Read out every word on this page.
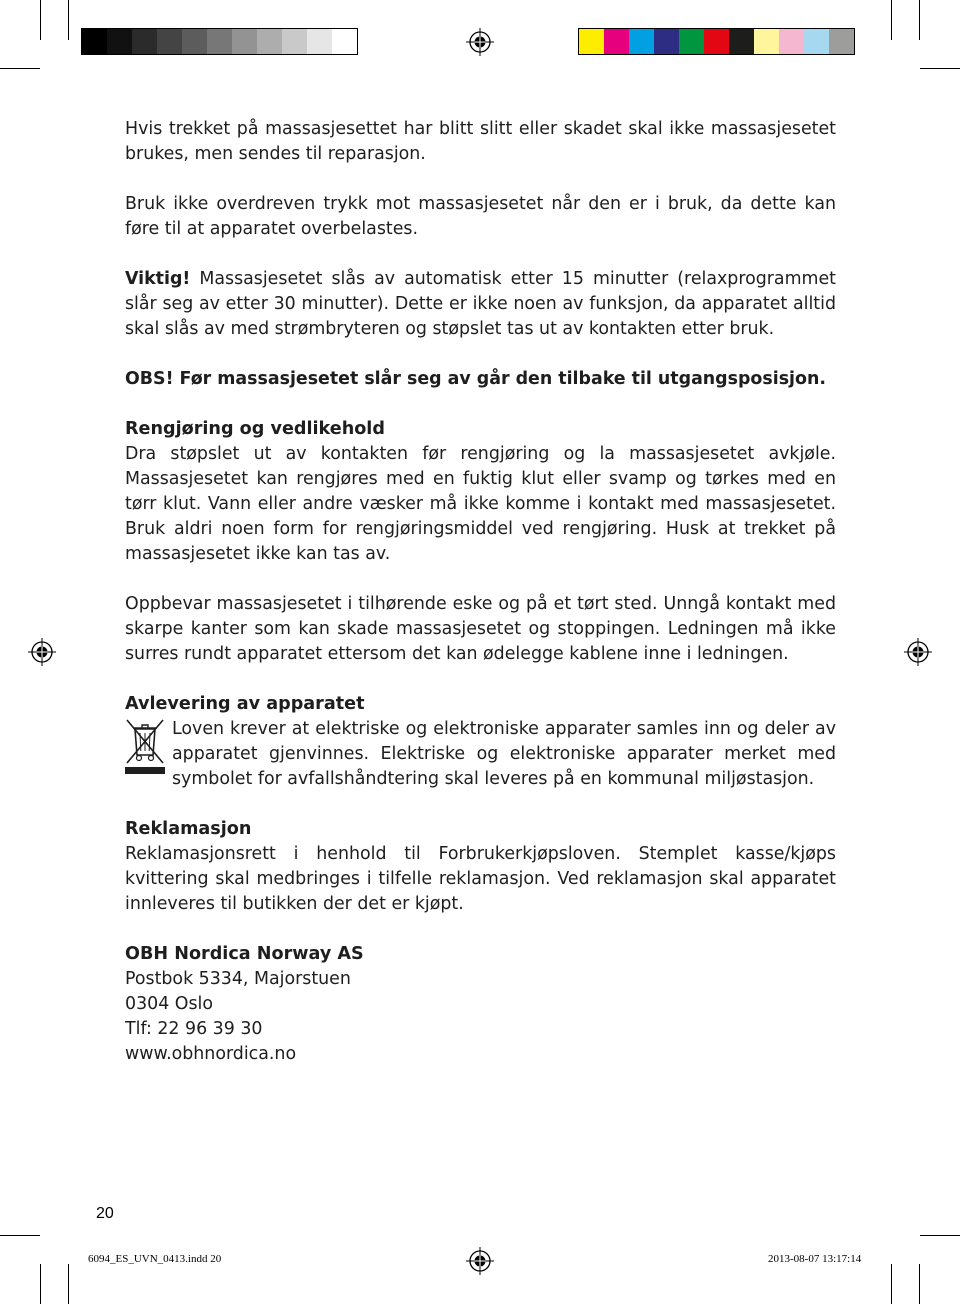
Hvis trekket på massasjesettet har blitt slitt eller skadet skal ikke massasjesetet brukes, men sendes til reparasjon.

Bruk ikke overdreven trykk mot massasjesetet når den er i bruk, da dette kan føre til at apparatet overbelastes.

Viktig! Massasjesetet slås av automatisk etter 15 minutter (relaxprogrammet slår seg av etter 30 minutter). Dette er ikke noen av funksjon, da apparatet alltid skal slås av med strømbryteren og støpslet tas ut av kontakten etter bruk.

OBS! Før massasjesetet slår seg av går den tilbake til utgangsposisjon.

Rengjøring og vedlikehold

Dra støpslet ut av kontakten før rengjøring og la massasjesetet avkjøle. Massasjesetet kan rengjøres med en fuktig klut eller svamp og tørkes med en tørr klut. Vann eller andre væsker må ikke komme i kontakt med massasjesetet. Bruk aldri noen form for rengjøringsmiddel ved rengjøring. Husk at trekket på massasjesetet ikke kan tas av.

Oppbevar massasjesetet i tilhørende eske og på et tørt sted. Unngå kontakt med skarpe kanter som kan skade massasjesetet og stoppingen. Ledningen må ikke surres rundt apparatet ettersom det kan ødelegge kablene inne i ledningen.

Avlevering av apparatet

Loven krever at elektriske og elektroniske apparater samles inn og deler av apparatet gjenvinnes. Elektriske og elektroniske apparater merket med symbolet for avfallshåndtering skal leveres på en kommunal miljøstasjon.

Reklamasjon

Reklamasjonsrett i henhold til Forbrukerkjøpsloven. Stemplet kasse/kjøps kvittering skal medbringes i tilfelle reklamasjon. Ved reklamasjon skal apparatet innleveres til butikken der det er kjøpt.

OBH Nordica Norway AS

Postbok 5334, Majorstuen

0304 Oslo

Tlf: 22 96 39 30

www.obhnordica.no

20
6094_ES_UVN_0413.indd 20	2013-08-07 13:17:14
